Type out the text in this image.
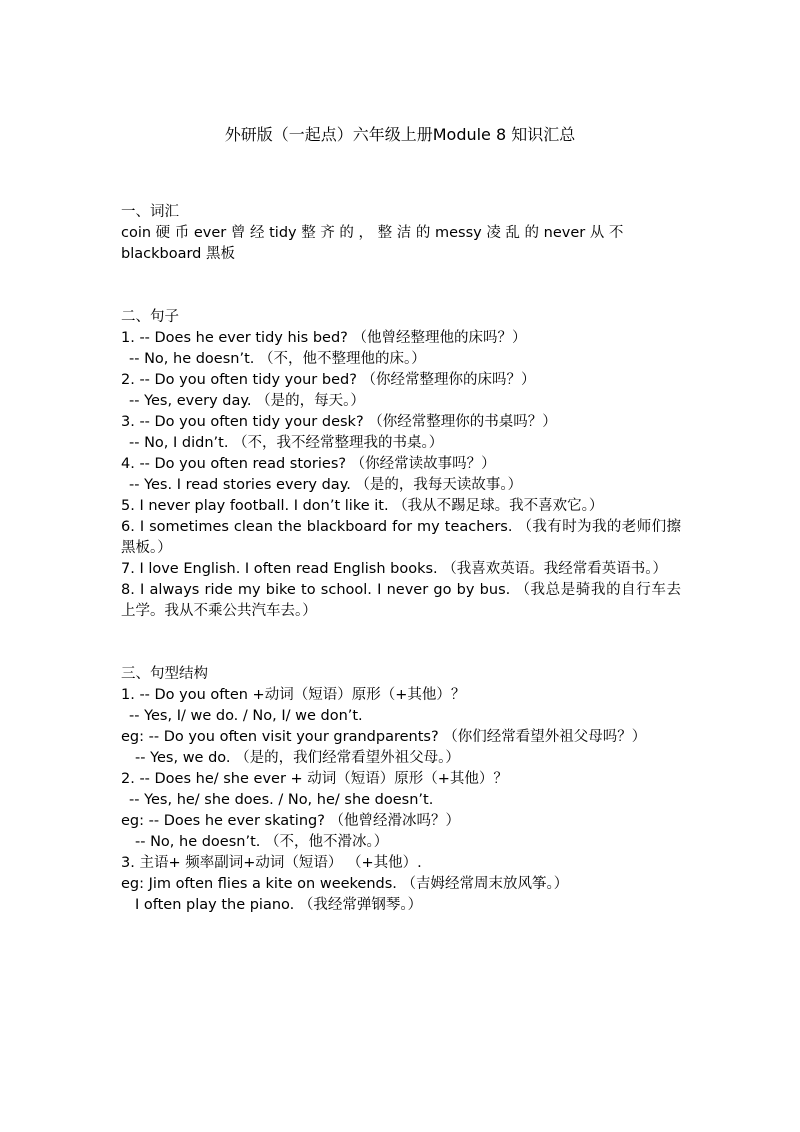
外研版（一起点）六年级上册Module 8 知识汇总
一、词汇
coin 硬 币 ever 曾 经 tidy 整 齐 的 ， 整 洁 的 messy 凌 乱 的 never 从 不
blackboard 黑板
二、句子
1. -- Does he ever tidy his bed? （他曾经整理他的床吗？）
-- No, he doesn’t. （不，他不整理他的床。）
2. -- Do you often tidy your bed? （你经常整理你的床吗？）
-- Yes, every day. （是的，每天。）
3. -- Do you often tidy your desk? （你经常整理你的书桌吗？）
-- No, I didn’t. （不，我不经常整理我的书桌。）
4. -- Do you often read stories? （你经常读故事吗？）
-- Yes. I read stories every day. （是的，我每天读故事。）
5. I never play football. I don’t like it. （我从不踢足球。我不喜欢它。）
6. I sometimes clean the blackboard for my teachers. （我有时为我的老师们擦黑板。）
7. I love English. I often read English books. （我喜欢英语。我经常看英语书。）
8. I always ride my bike to school. I never go by bus. （我总是骑我的自行车去上学。我从不乘公共汽车去。）
三、句型结构
1. -- Do you often +动词（短语）原形（+其他）？
-- Yes, I/ we do. / No, I/ we don’t.
eg: -- Do you often visit your grandparents? （你们经常看望外祖父母吗？）
-- Yes, we do. （是的，我们经常看望外祖父母。）
2. -- Does he/ she ever + 动词（短语）原形（+其他）？
-- Yes, he/ she does. / No, he/ she doesn’t.
eg: -- Does he ever skating? （他曾经滑冰吗？）
-- No, he doesn’t. （不，他不滑冰。）
3. 主语+ 频率副词+动词（短语） （+其他）.
eg: Jim often flies a kite on weekends. （吉姆经常周末放风筝。）
I often play the piano. （我经常弹钢琴。）
